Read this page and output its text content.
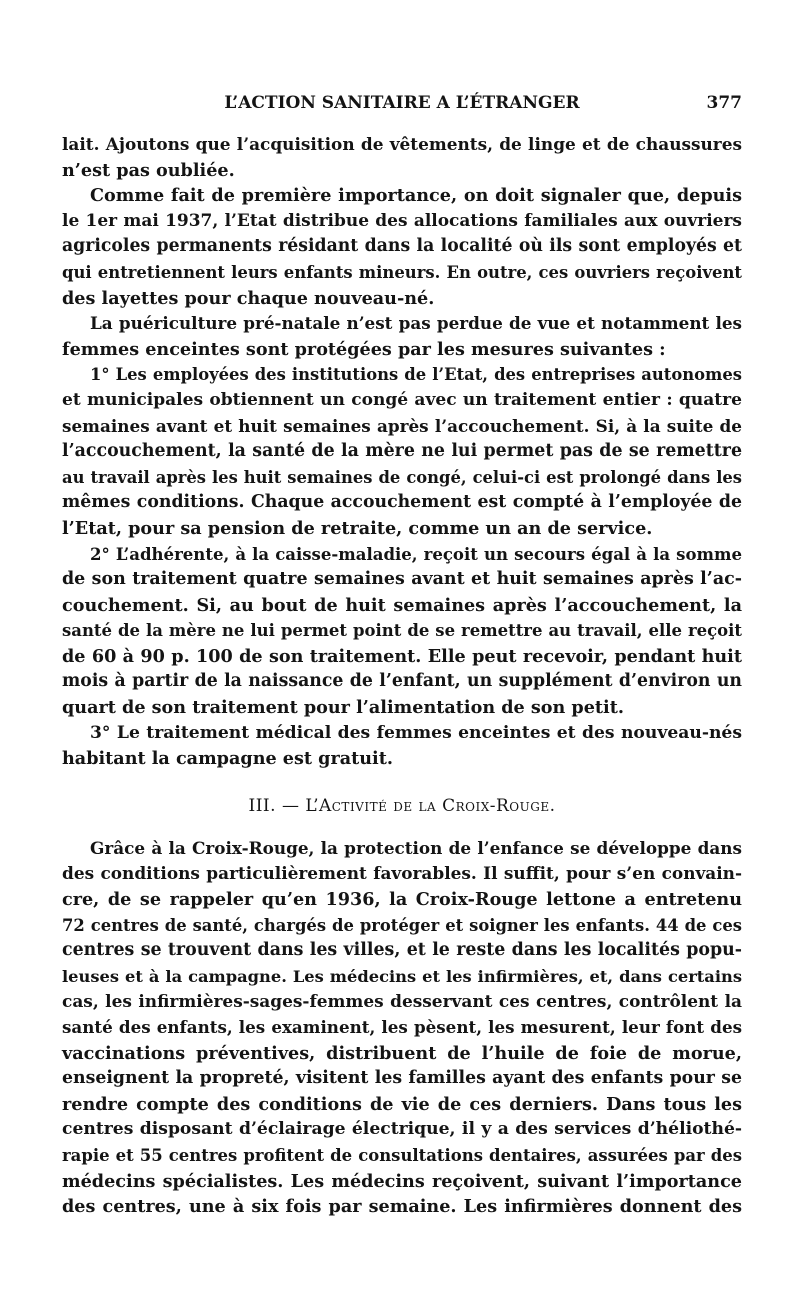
L’ACTION SANITAIRE A L’ÉTRANGER	377
lait. Ajoutons que l’acquisition de vêtements, de linge et de chaussures
n’est pas oubliée.
Comme fait de première importance, on doit signaler que, depuis
le 1er mai 1937, l’Etat distribue des allocations familiales aux ouvriers
agricoles permanents résidant dans la localité où ils sont employés et
qui entretiennent leurs enfants mineurs. En outre, ces ouvriers reçoivent
des layettes pour chaque nouveau-né.
La puériculture pré-natale n’est pas perdue de vue et notamment les
femmes enceintes sont protégées par les mesures suivantes :
1° Les employées des institutions de l’Etat, des entreprises autonomes
et municipales obtiennent un congé avec un traitement entier : quatre
semaines avant et huit semaines après l’accouchement. Si, à la suite de
l’accouchement, la santé de la mère ne lui permet pas de se remettre
au travail après les huit semaines de congé, celui-ci est prolongé dans les
mêmes conditions. Chaque accouchement est compté à l’employée de
l’Etat, pour sa pension de retraite, comme un an de service.
2° L’adhérente, à la caisse-maladie, reçoit un secours égal à la somme
de son traitement quatre semaines avant et huit semaines après l’ac-
couchement. Si, au bout de huit semaines après l’accouchement, la
santé de la mère ne lui permet point de se remettre au travail, elle reçoit
de 60 à 90 p. 100 de son traitement. Elle peut recevoir, pendant huit
mois à partir de la naissance de l’enfant, un supplément d’environ un
quart de son traitement pour l’alimentation de son petit.
3° Le traitement médical des femmes enceintes et des nouveau-nés
habitant la campagne est gratuit.
III. — L’Activité de la Croix-Rouge.
Grâce à la Croix-Rouge, la protection de l’enfance se développe dans
des conditions particulièrement favorables. Il suffit, pour s’en convain-
cre, de se rappeler qu’en 1936, la Croix-Rouge lettone a entretenu
72 centres de santé, chargés de protéger et soigner les enfants. 44 de ces
centres se trouvent dans les villes, et le reste dans les localités popu-
leuses et à la campagne. Les médecins et les infirmières, et, dans certains
cas, les infirmières-sages-femmes desservant ces centres, contrôlent la
santé des enfants, les examinent, les pèsent, les mesurent, leur font des
vaccinations préventives, distribuent de l’huile de foie de morue,
enseignent la propreté, visitent les familles ayant des enfants pour se
rendre compte des conditions de vie de ces derniers. Dans tous les
centres disposant d’éclairage électrique, il y a des services d’héliothé-
rapie et 55 centres profitent de consultations dentaires, assurées par des
médecins spécialistes. Les médecins reçoivent, suivant l’importance
des centres, une à six fois par semaine. Les infirmières donnent des
